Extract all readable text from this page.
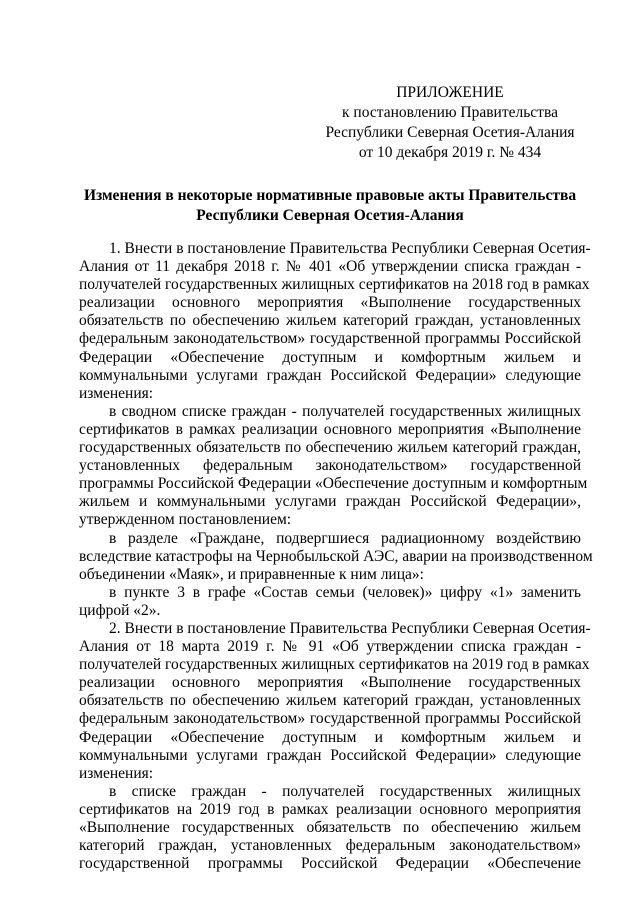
ПРИЛОЖЕНИЕ
к постановлению Правительства
Республики Северная Осетия-Алания
от 10 декабря 2019 г. № 434
Изменения в некоторые нормативные правовые акты Правительства
Республики Северная Осетия-Алания
1. Внести в постановление Правительства Республики Северная Осетия-
Алания от 11 декабря 2018 г. № 401 «Об утверждении списка граждан -
получателей государственных жилищных сертификатов на 2018 год в рамках
реализации основного мероприятия «Выполнение государственных
обязательств по обеспечению жильем категорий граждан, установленных
федеральным законодательством» государственной программы Российской
Федерации «Обеспечение доступным и комфортным жильем и
коммунальными услугами граждан Российской Федерации» следующие
изменения:
в сводном списке граждан - получателей государственных жилищных
сертификатов в рамках реализации основного мероприятия «Выполнение
государственных обязательств по обеспечению жильем категорий граждан,
установленных федеральным законодательством» государственной
программы Российской Федерации «Обеспечение доступным и комфортным
жильем и коммунальными услугами граждан Российской Федерации»,
утвержденном постановлением:
в разделе «Граждане, подвергшиеся радиационному воздействию
вследствие катастрофы на Чернобыльской АЭС, аварии на производственном
объединении «Маяк», и приравненные к ним лица»:
в пункте 3 в графе «Состав семьи (человек)» цифру «1» заменить
цифрой «2».
2. Внести в постановление Правительства Республики Северная Осетия-
Алания от 18 марта 2019 г. № 91 «Об утверждении списка граждан -
получателей государственных жилищных сертификатов на 2019 год в рамках
реализации основного мероприятия «Выполнение государственных
обязательств по обеспечению жильем категорий граждан, установленных
федеральным законодательством» государственной программы Российской
Федерации «Обеспечение доступным и комфортным жильем и
коммунальными услугами граждан Российской Федерации» следующие
изменения:
в списке граждан - получателей государственных жилищных
сертификатов на 2019 год в рамках реализации основного мероприятия
«Выполнение государственных обязательств по обеспечению жильем
категорий граждан, установленных федеральным законодательством»
государственной программы Российской Федерации «Обеспечение
